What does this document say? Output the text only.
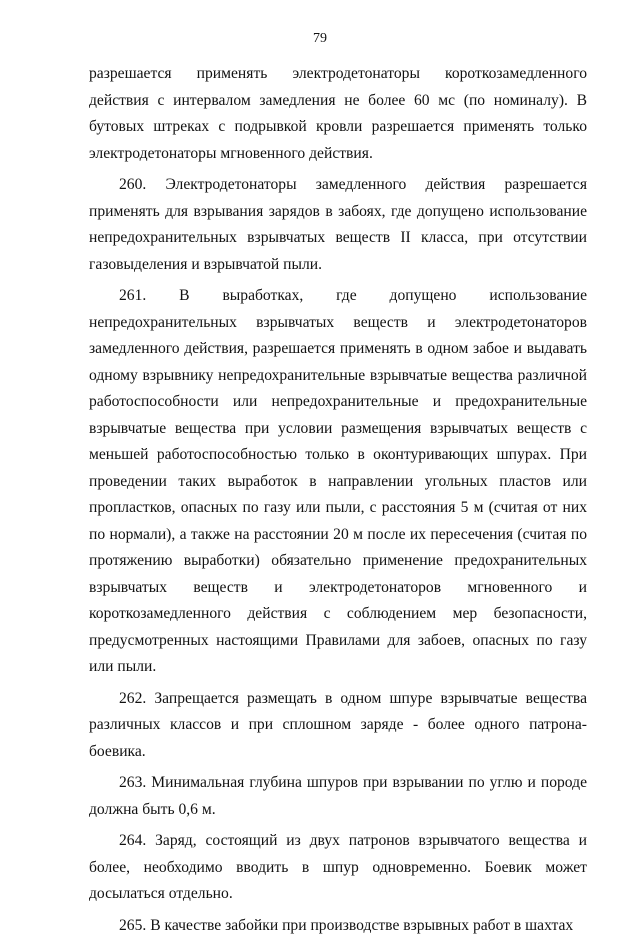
79

разрешается применять электродетонаторы короткозамедленного действия с интервалом замедления не более 60 мс (по номиналу). В бутовых штреках с подрывкой кровли разрешается применять только электродетонаторы мгновенного действия.

260. Электродетонаторы замедленного действия разрешается применять для взрывания зарядов в забоях, где допущено использование непредохранительных взрывчатых веществ II класса, при отсутствии газовыделения и взрывчатой пыли.

261. В выработках, где допущено использование непредохранительных взрывчатых веществ и электродетонаторов замедленного действия, разрешается применять в одном забое и выдавать одному взрывнику непредохранительные взрывчатые вещества различной работоспособности или непредохранительные и предохранительные взрывчатые вещества при условии размещения взрывчатых веществ с меньшей работоспособностью только в оконтуривающих шпурах. При проведении таких выработок в направлении угольных пластов или пропластков, опасных по газу или пыли, с расстояния 5 м (считая от них по нормали), а также на расстоянии 20 м после их пересечения (считая по протяжению выработки) обязательно применение предохранительных взрывчатых веществ и электродетонаторов мгновенного и короткозамедленного действия с соблюдением мер безопасности, предусмотренных настоящими Правилами для забоев, опасных по газу или пыли.

262. Запрещается размещать в одном шпуре взрывчатые вещества различных классов и при сплошном заряде - более одного патрона-боевика.

263. Минимальная глубина шпуров при взрывании по углю и породе должна быть 0,6 м.

264. Заряд, состоящий из двух патронов взрывчатого вещества и более, необходимо вводить в шпур одновременно. Боевик может досылаться отдельно.

265. В качестве забойки при производстве взрывных работ в шахтах
